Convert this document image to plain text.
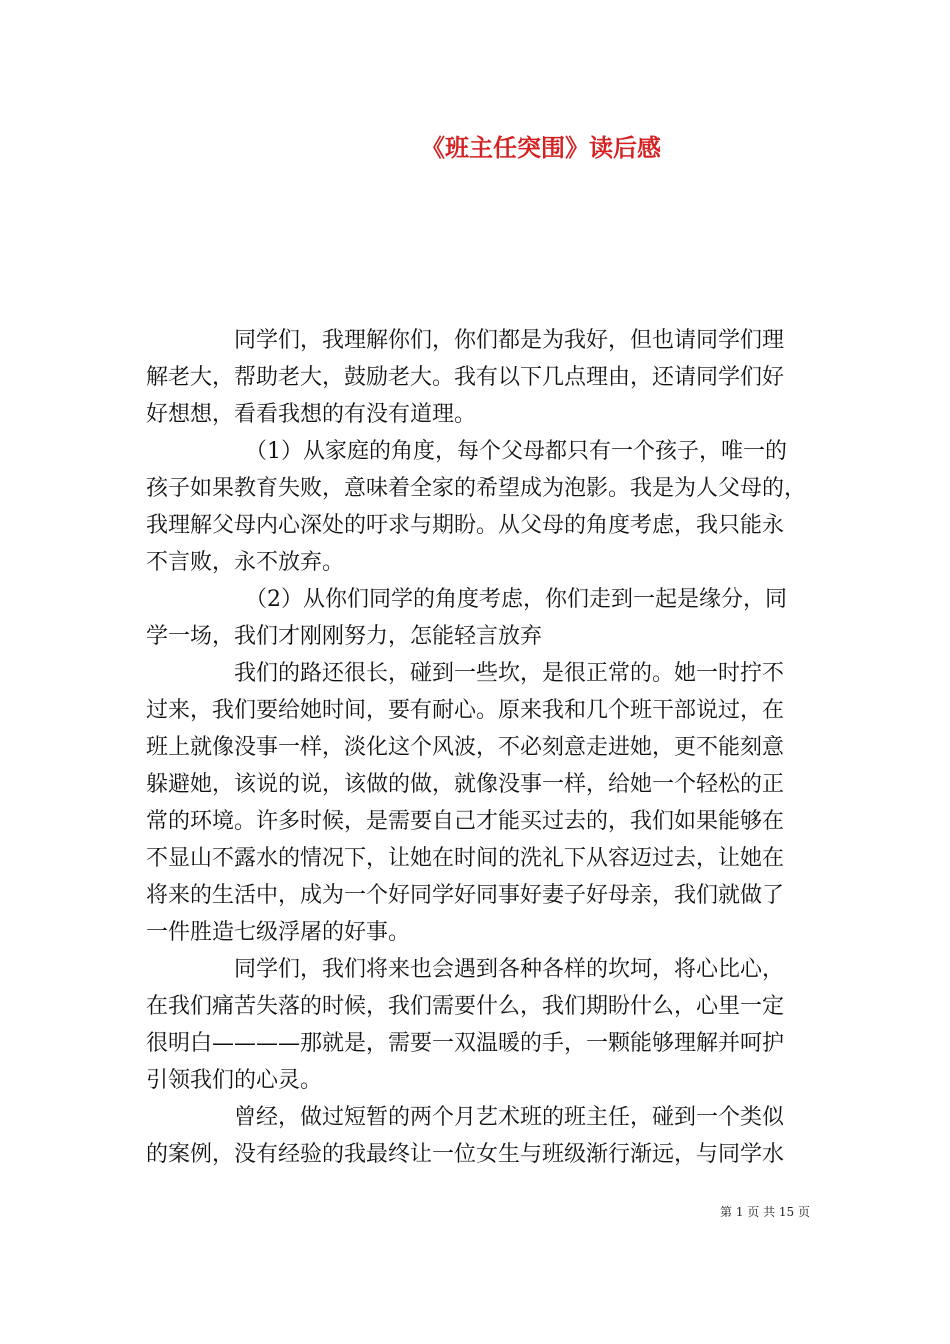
《班主任突围》读后感
　　　　同学们，我理解你们，你们都是为我好，但也请同学们理
解老大，帮助老大，鼓励老大。我有以下几点理由，还请同学们好
好想想，看看我想的有没有道理。
　　　　　（1）从家庭的角度，每个父母都只有一个孩子，唯一的
孩子如果教育失败，意味着全家的希望成为泡影。我是为人父母的，
我理解父母内心深处的吁求与期盼。从父母的角度考虑，我只能永
不言败，永不放弃。
　　　　　（2）从你们同学的角度考虑，你们走到一起是缘分，同
学一场，我们才刚刚努力，怎能轻言放弃
　　　　我们的路还很长，碰到一些坎，是很正常的。她一时拧不
过来，我们要给她时间，要有耐心。原来我和几个班干部说过，在
班上就像没事一样，淡化这个风波，不必刻意走进她，更不能刻意
躲避她，该说的说，该做的做，就像没事一样，给她一个轻松的正
常的环境。许多时候，是需要自己才能买过去的，我们如果能够在
不显山不露水的情况下，让她在时间的洗礼下从容迈过去，让她在
将来的生活中，成为一个好同学好同事好妻子好母亲，我们就做了
一件胜造七级浮屠的好事。
　　　　同学们，我们将来也会遇到各种各样的坎坷，将心比心，
在我们痛苦失落的时候，我们需要什么，我们期盼什么，心里一定
很明白————那就是，需要一双温暖的手，一颗能够理解并呵护
引领我们的心灵。
　　　　曾经，做过短暂的两个月艺术班的班主任，碰到一个类似
的案例，没有经验的我最终让一位女生与班级渐行渐远，与同学水
第 1 页 共 15 页
